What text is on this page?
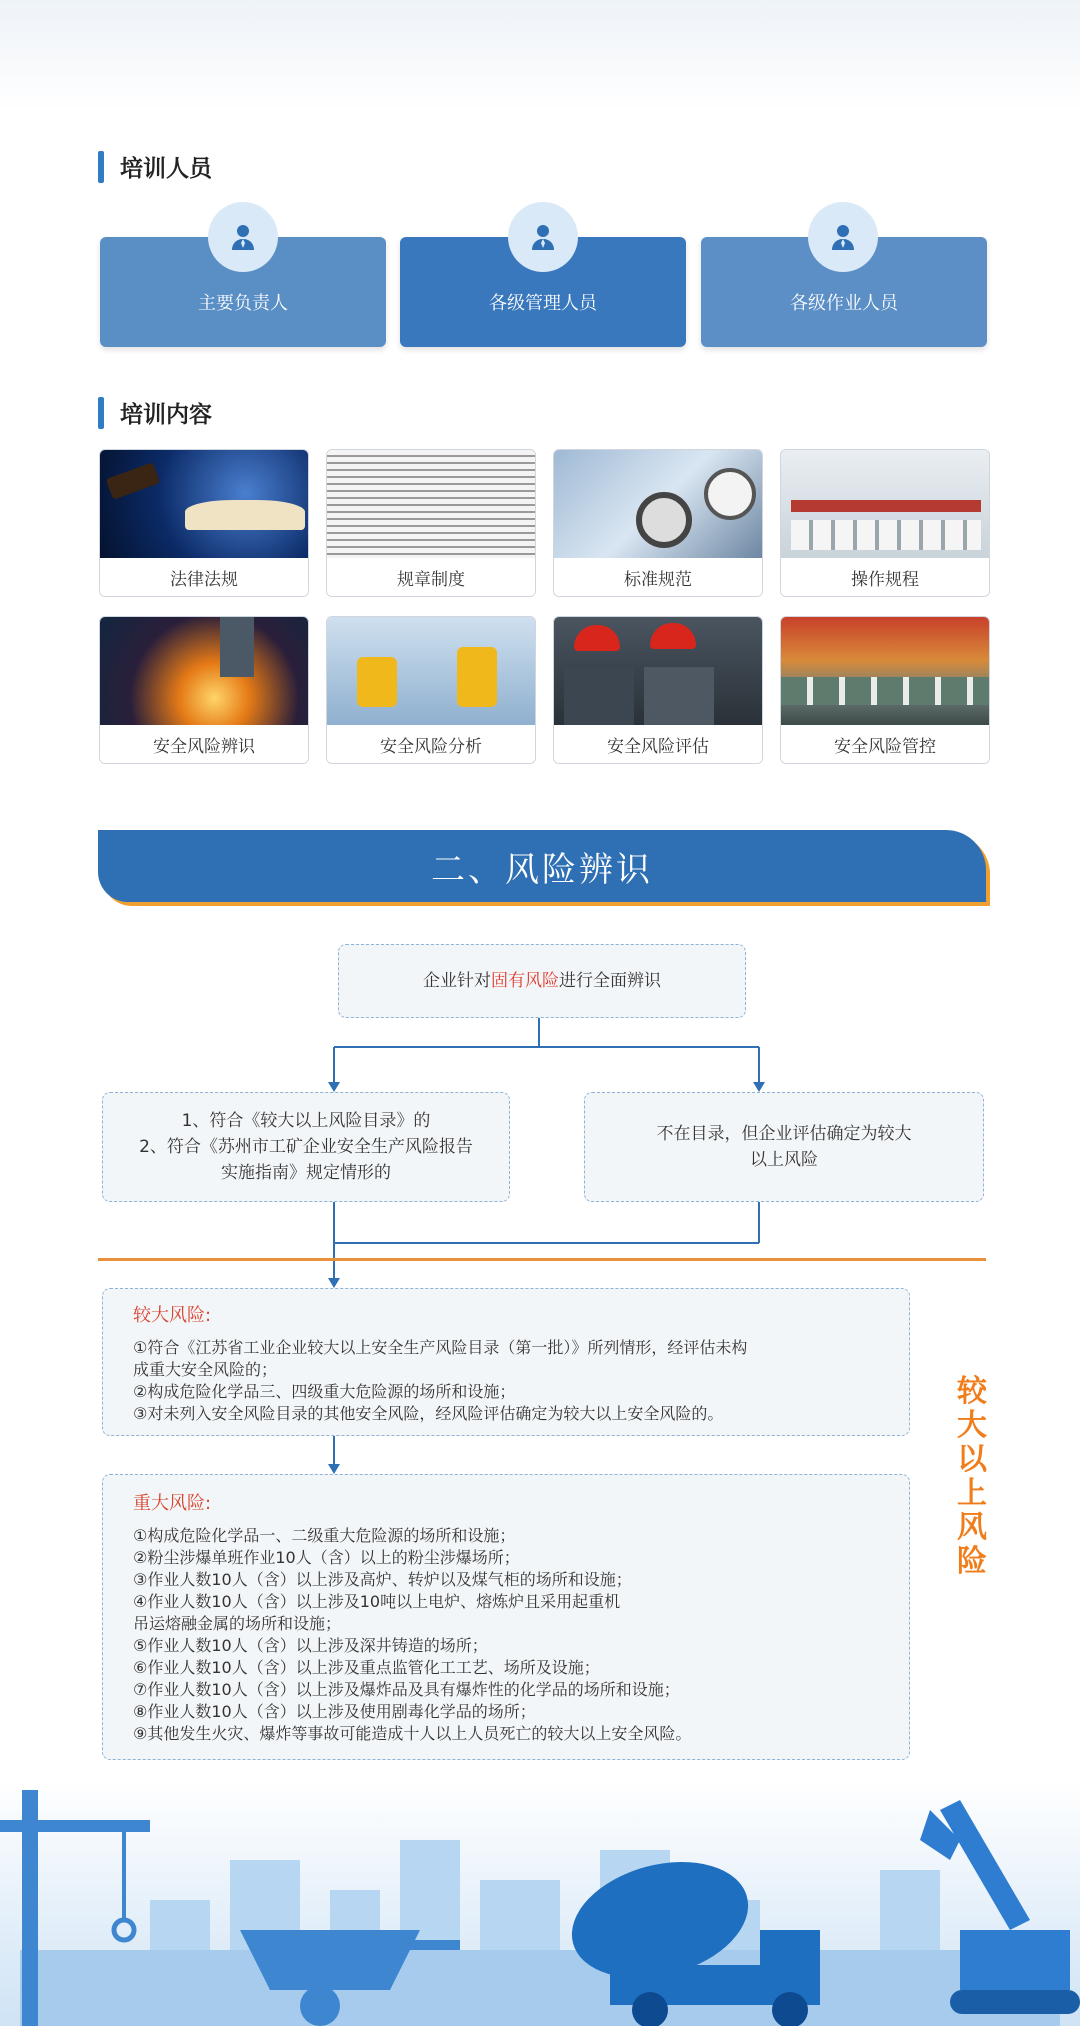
培训人员
主要负责人	各级管理人员	各级作业人员
培训内容
法律法规	规章制度	标准规范	操作规程
安全风险辨识	安全风险分析	安全风险评估	安全风险管控
二、风险辨识
企业针对固有风险进行全面辨识
1、符合《较大以上风险目录》的
2、符合《苏州市工矿企业安全生产风险报告
实施指南》规定情形的
不在目录，但企业评估确定为较大
以上风险
较大风险:
①符合《江苏省工业企业较大以上安全生产风险目录（第一批）》所列情形，经评估未构
成重大安全风险的；
②构成危险化学品三、四级重大危险源的场所和设施；
③对未列入安全风险目录的其他安全风险，经风险评估确定为较大以上安全风险的。
重大风险:
①构成危险化学品一、二级重大危险源的场所和设施；
②粉尘涉爆单班作业10人（含）以上的粉尘涉爆场所；
③作业人数10人（含）以上涉及高炉、转炉以及煤气柜的场所和设施；
④作业人数10人（含）以上涉及10吨以上电炉、熔炼炉且采用起重机
吊运熔融金属的场所和设施；
⑤作业人数10人（含）以上涉及深井铸造的场所；
⑥作业人数10人（含）以上涉及重点监管化工工艺、场所及设施；
⑦作业人数10人（含）以上涉及爆炸品及具有爆炸性的化学品的场所和设施；
⑧作业人数10人（含）以上涉及使用剧毒化学品的场所；
⑨其他发生火灾、爆炸等事故可能造成十人以上人员死亡的较大以上安全风险。
较
大
以
上
风
险
